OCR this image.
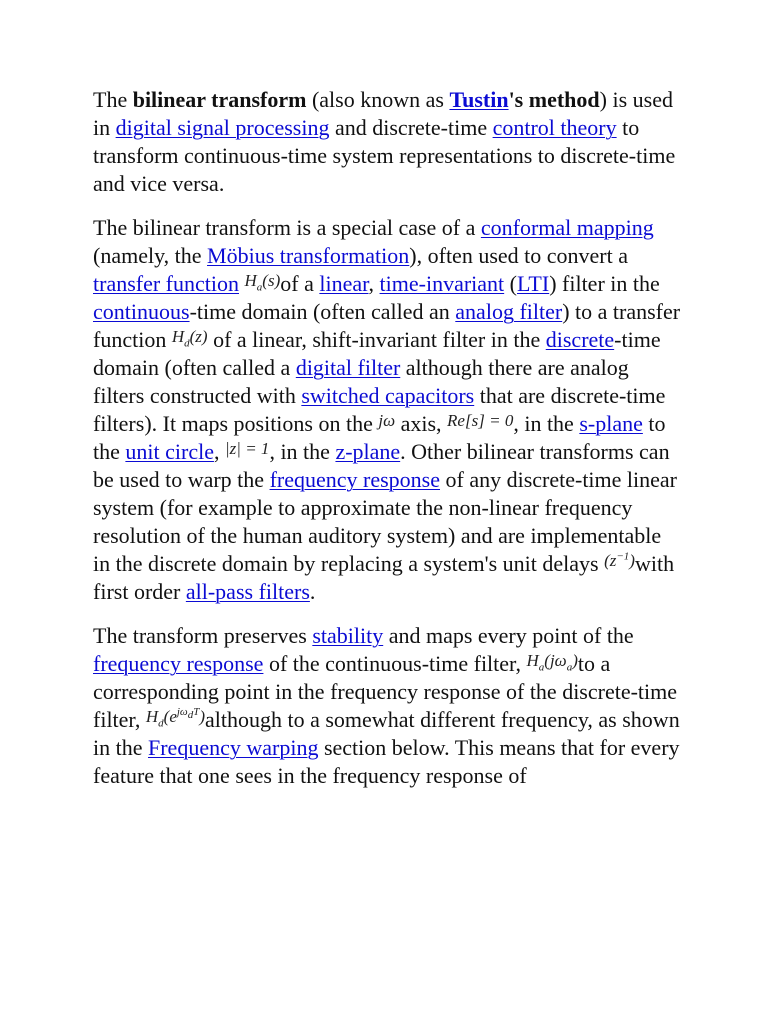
The bilinear transform (also known as Tustin's method) is used in digital signal processing and discrete-time control theory to transform continuous-time system representations to discrete-time and vice versa.

The bilinear transform is a special case of a conformal mapping (namely, the Möbius transformation), often used to convert a transfer function $H_a(s)of$ a linear, time-invariant (LTI) filter in the continuous-time domain (often called an analog filter) to a transfer function $H_d(z)$ of a linear, shift-invariant filter in the discrete-time domain (often called a digital filter although there are analog filters constructed with switched capacitors that are discrete-time filters). It maps positions on the jω axis, Re[s] = 0, in the s-plane to the unit circle, |z| = 1, in the z-plane. Other bilinear transforms can be used to warp the frequency response of any discrete-time linear system (for example to approximate the non-linear frequency resolution of the human auditory system) and are implementable in the discrete domain by replacing a system's unit delays $(z^{-1})with$ first order all-pass filters.

The transform preserves stability and maps every point of the frequency response of the continuous-time filter, $H_a(j\omega_a)to$ a corresponding point in the frequency response of the discrete-time filter, $H_d(e^{j\omega_dT})although$ to a somewhat different frequency, as shown in the Frequency warping section below. This means that for every feature that one sees in the frequency response of
